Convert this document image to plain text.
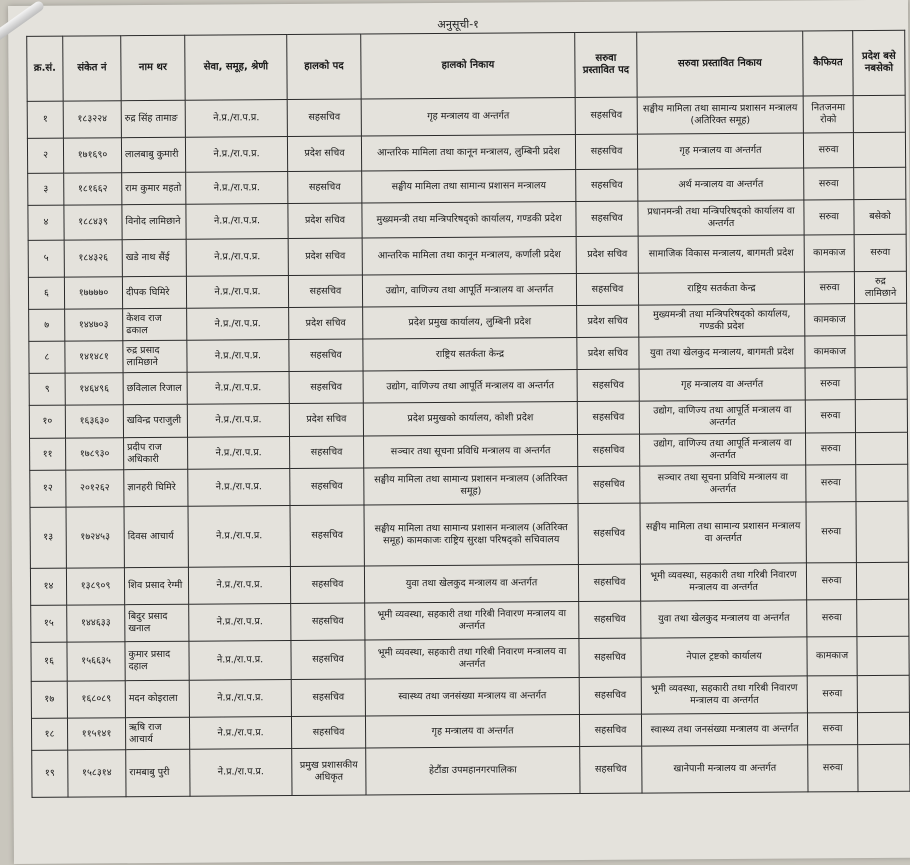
अनुसूची-१
क्र.सं.	संकेत नं	नाम थर	सेवा, समूह, श्रेणी	हालको पद	हालको निकाय	सरुवा प्रस्तावित पद	सरुवा प्रस्तावित निकाय	कैफियत	प्रदेश बसे नबसेको
१	१८३२२४	रुद्र सिंह तामाङ	ने.प्र./रा.प.प्र.	सहसचिव	गृह मन्त्रालय वा अन्तर्गत	सहसचिव	सङ्घीय मामिला तथा सामान्य प्रशासन मन्त्रालय (अतिरिक्त समूह)	नितजनमा रोको	
२	१७१६९०	लालबाबु कुमारी	ने.प्र./रा.प.प्र.	प्रदेश सचिव	आन्तरिक मामिला तथा कानून मन्त्रालय, लुम्बिनी प्रदेश	सहसचिव	गृह मन्त्रालय वा अन्तर्गत	सरुवा	
३	१८१६६२	राम कुमार महतो	ने.प्र./रा.प.प्र.	सहसचिव	सङ्घीय मामिला तथा सामान्य प्रशासन मन्त्रालय	सहसचिव	अर्थ मन्त्रालय वा अन्तर्गत	सरुवा	
४	१८८४३९	विनोद लामिछाने	ने.प्र./रा.प.प्र.	प्रदेश सचिव	मुख्यमन्त्री तथा मन्त्रिपरिषद्को कार्यालय, गण्डकी प्रदेश	सहसचिव	प्रधानमन्त्री तथा मन्त्रिपरिषद्को कार्यालय वा अन्तर्गत	सरुवा	बसेको
५	१८४३२६	खडे नाथ सैंई	ने.प्र./रा.प.प्र.	प्रदेश सचिव	आन्तरिक मामिला तथा कानून मन्त्रालय, कर्णाली प्रदेश	प्रदेश सचिव	सामाजिक विकास मन्त्रालय, बागमती प्रदेश	कामकाज	सरुवा
६	१७७७७०	दीपक घिमिरे	ने.प्र./रा.प.प्र.	सहसचिव	उद्योग, वाणिज्य तथा आपूर्ति मन्त्रालय वा अन्तर्गत	सहसचिव	राष्ट्रिय सतर्कता केन्द्र	सरुवा	रुद्र लामिछाने
७	१४४७०३	केशव राज ढकाल	ने.प्र./रा.प.प्र.	प्रदेश सचिव	प्रदेश प्रमुख कार्यालय, लुम्बिनी प्रदेश	प्रदेश सचिव	मुख्यमन्त्री तथा मन्त्रिपरिषद्को कार्यालय, गण्डकी प्रदेश	कामकाज	
८	१४१४८१	रुद्र प्रसाद लामिछाने	ने.प्र./रा.प.प्र.	सहसचिव	राष्ट्रिय सतर्कता केन्द्र	प्रदेश सचिव	युवा तथा खेलकुद मन्त्रालय, बागमती प्रदेश	कामकाज	
९	१४६४९६	छविलाल रिजाल	ने.प्र./रा.प.प्र.	सहसचिव	उद्योग, वाणिज्य तथा आपूर्ति मन्त्रालय वा अन्तर्गत	सहसचिव	गृह मन्त्रालय वा अन्तर्गत	सरुवा	
१०	१६३६३०	खविन्द्र पराजुली	ने.प्र./रा.प.प्र.	प्रदेश सचिव	प्रदेश प्रमुखको कार्यालय, कोशी प्रदेश	सहसचिव	उद्योग, वाणिज्य तथा आपूर्ति मन्त्रालय वा अन्तर्गत	सरुवा	
११	१७८९३०	प्रदीप राज अधिकारी	ने.प्र./रा.प.प्र.	सहसचिव	सञ्चार तथा सूचना प्रविधि मन्त्रालय वा अन्तर्गत	सहसचिव	उद्योग, वाणिज्य तथा आपूर्ति मन्त्रालय वा अन्तर्गत	सरुवा	
१२	२०१२६२	ज्ञानहरी घिमिरे	ने.प्र./रा.प.प्र.	सहसचिव	सङ्घीय मामिला तथा सामान्य प्रशासन मन्त्रालय (अतिरिक्त समूह)	सहसचिव	सञ्चार तथा सूचना प्रविधि मन्त्रालय वा अन्तर्गत	सरुवा	
१३	१७२४५३	दिवस आचार्य	ने.प्र./रा.प.प्र.	सहसचिव	सङ्घीय मामिला तथा सामान्य प्रशासन मन्त्रालय (अतिरिक्त समूह) कामकाजः राष्ट्रिय सुरक्षा परिषद्को सचिवालय	सहसचिव	सङ्घीय मामिला तथा सामान्य प्रशासन मन्त्रालय वा अन्तर्गत	सरुवा	
१४	१३८९०९	शिव प्रसाद रेग्मी	ने.प्र./रा.प.प्र.	सहसचिव	युवा तथा खेलकुद मन्त्रालय वा अन्तर्गत	सहसचिव	भूमी व्यवस्था, सहकारी तथा गरिबी निवारण मन्त्रालय वा अन्तर्गत	सरुवा	
१५	१४४६३३	बिदुर प्रसाद खनाल	ने.प्र./रा.प.प्र.	सहसचिव	भूमी व्यवस्था, सहकारी तथा गरिबी निवारण मन्त्रालय वा अन्तर्गत	सहसचिव	युवा तथा खेलकुद मन्त्रालय वा अन्तर्गत	सरुवा	
१६	१५६६३५	कुमार प्रसाद दहाल	ने.प्र./रा.प.प्र.	सहसचिव	भूमी व्यवस्था, सहकारी तथा गरिबी निवारण मन्त्रालय वा अन्तर्गत	सहसचिव	नेपाल ट्रष्टको कार्यालय	कामकाज	
१७	१६८०८९	मदन कोइराला	ने.प्र./रा.प.प्र.	सहसचिव	स्वास्थ्य तथा जनसंख्या मन्त्रालय वा अन्तर्गत	सहसचिव	भूमी व्यवस्था, सहकारी तथा गरिबी निवारण मन्त्रालय वा अन्तर्गत	सरुवा	
१८	११५१४१	ऋषि राज आचार्य	ने.प्र./रा.प.प्र.	सहसचिव	गृह मन्त्रालय वा अन्तर्गत	सहसचिव	स्वास्थ्य तथा जनसंख्या मन्त्रालय वा अन्तर्गत	सरुवा	
१९	१५८३१४	रामबाबु पुरी	ने.प्र./रा.प.प्र.	प्रमुख प्रशासकीय अधिकृत	हेटौंडा उपमहानगरपालिका	सहसचिव	खानेपानी मन्त्रालय वा अन्तर्गत	सरुवा	
